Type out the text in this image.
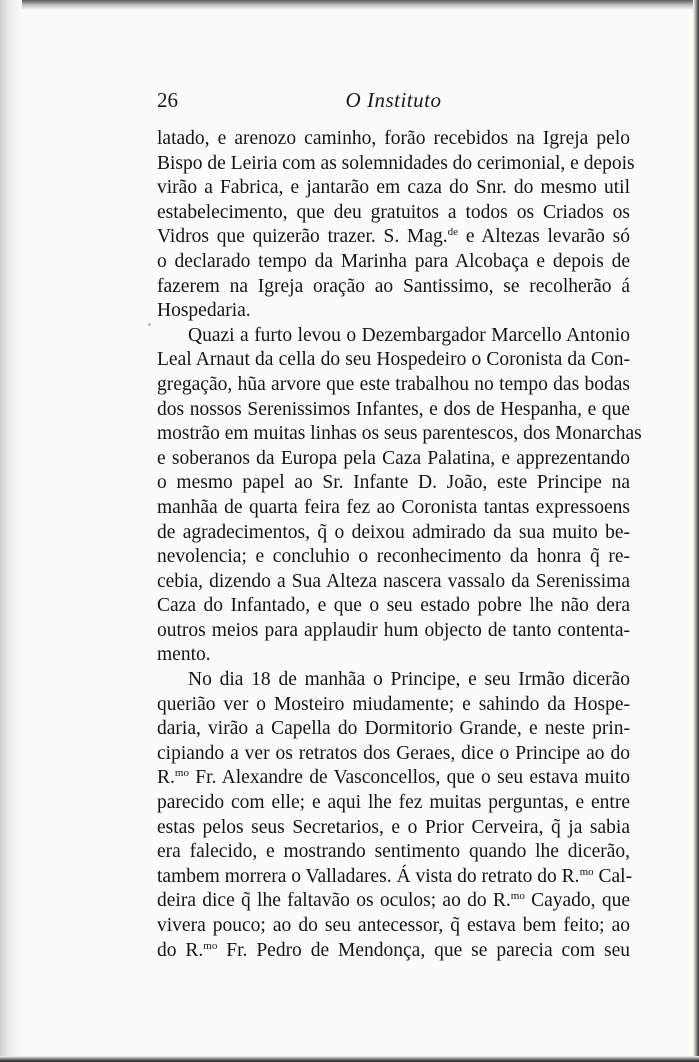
26	O Instituto
latado, e arenozo caminho, forão recebidos na Igreja pelo
Bispo de Leiria com as solemnidades do cerimonial, e depois
virão a Fabrica, e jantarão em caza do Snr. do mesmo util
estabelecimento, que deu gratuitos a todos os Criados os
Vidros que quizerão trazer. S. Mag.$^{de}$ e Altezas levarão só
o declarado tempo da Marinha para Alcobaça e depois de
fazerem na Igreja oração ao Santissimo, se recolherão á
Hospedaria.
Quazi a furto levou o Dezembargador Marcello Antonio
Leal Arnaut da cella do seu Hospedeiro o Coronista da Con-
gregação, hũa arvore que este trabalhou no tempo das bodas
dos nossos Serenissimos Infantes, e dos de Hespanha, e que
mostrão em muitas linhas os seus parentescos, dos Monarchas
e soberanos da Europa pela Caza Palatina, e apprezentando
o mesmo papel ao Sr. Infante D. João, este Principe na
manhãa de quarta feira fez ao Coronista tantas expressoens
de agradecimentos, q̃ o deixou admirado da sua muito be-
nevolencia; e concluhio o reconhecimento da honra q̃ re-
cebia, dizendo a Sua Alteza nascera vassalo da Serenissima
Caza do Infantado, e que o seu estado pobre lhe não dera
outros meios para applaudir hum objecto de tanto contenta-
mento.
No dia 18 de manhãa o Principe, e seu Irmão dicerão
querião ver o Mosteiro miudamente; e sahindo da Hospe-
daria, virão a Capella do Dormitorio Grande, e neste prin-
cipiando a ver os retratos dos Geraes, dice o Principe ao do
R.$^{mo}$ Fr. Alexandre de Vasconcellos, que o seu estava muito
parecido com elle; e aqui lhe fez muitas perguntas, e entre
estas pelos seus Secretarios, e o Prior Cerveira, q̃ ja sabia
era falecido, e mostrando sentimento quando lhe dicerão,
tambem morrera o Valladares. Á vista do retrato do R.$^{mo}$ Cal-
deira dice q̃ lhe faltavão os oculos; ao do R.$^{mo}$ Cayado, que
vivera pouco; ao do seu antecessor, q̃ estava bem feito; ao
do R.$^{mo}$ Fr. Pedro de Mendonça, que se parecia com seu
